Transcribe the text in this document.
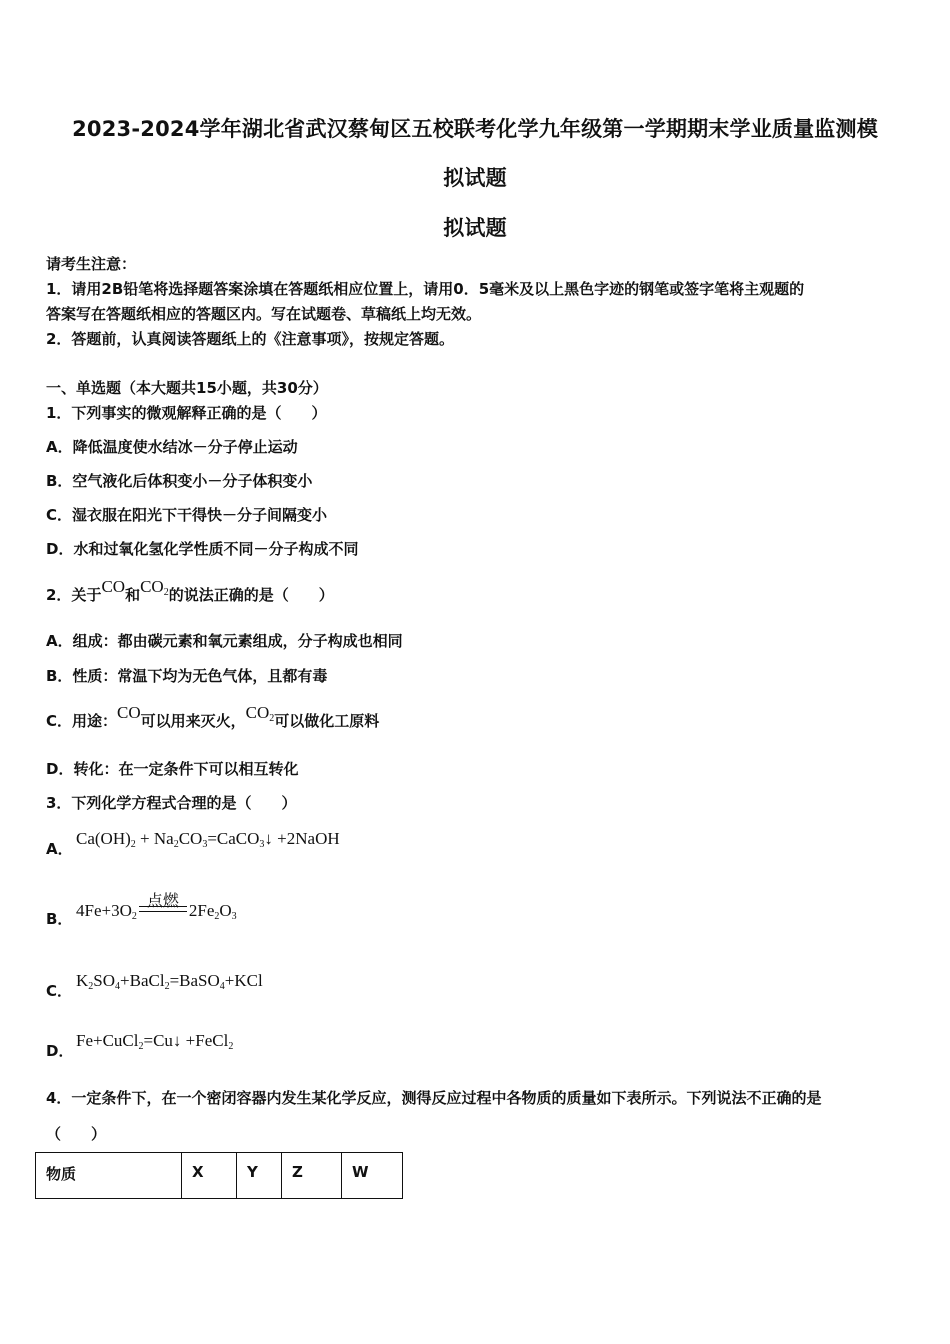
2023-2024学年湖北省武汉蔡甸区五校联考化学九年级第一学期期末学业质量监测模
拟试题
拟试题
请考生注意：
1．请用2B铅笔将选择题答案涂填在答题纸相应位置上，请用0．5毫米及以上黑色字迹的钢笔或签字笔将主观题的
答案写在答题纸相应的答题区内。写在试题卷、草稿纸上均无效。
2．答题前，认真阅读答题纸上的《注意事项》，按规定答题。
一、单选题（本大题共15小题，共30分）
1．下列事实的微观解释正确的是（　　）
A．降低温度使水结冰－分子停止运动
B．空气液化后体积变小－分子体积变小
C．湿衣服在阳光下干得快－分子间隔变小
D．水和过氧化氢化学性质不同－分子构成不同
2．关于CO和$CO_2$的说法正确的是（　　）
A．组成：都由碳元素和氧元素组成，分子构成也相同
B．性质：常温下均为无色气体，且都有毒
C．用途：CO可以用来灭火，$CO_2$可以做化工原料
D．转化：在一定条件下可以相互转化
3．下列化学方程式合理的是（　　）
A．$Ca(OH)_2$ + $Na_2CO_3=CaCO_3↓$ +2NaOH
B． $4Fe+3O_2$
点燃
$2Fe_2O_3$
C．$K_2SO_4+BaCl_2=BaSO_4+KCl$
D．Fe+CuCl$_2$=Cu↓ +FeCl$_2$
4．一定条件下，在一个密闭容器内发生某化学反应，测得反应过程中各物质的质量如下表所示。下列说法不正确的是
（　　）
物质	X	Y	Z	W
